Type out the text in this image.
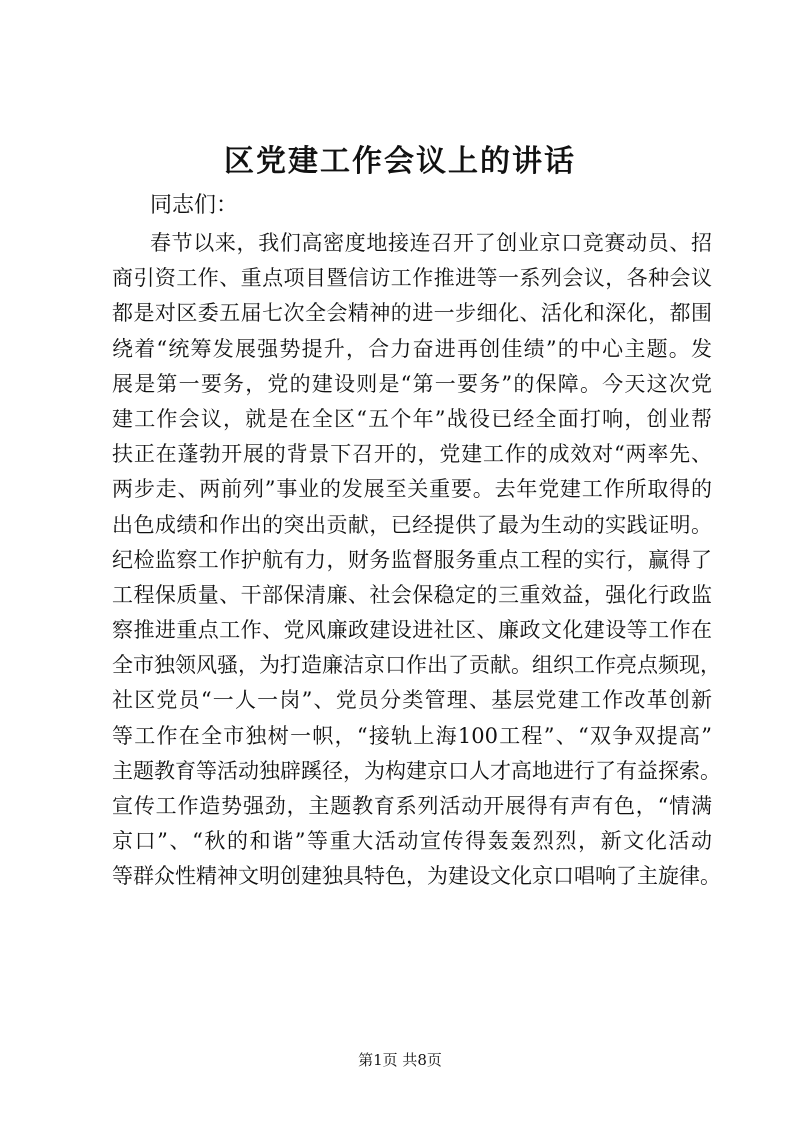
区党建工作会议上的讲话

同志们：

春节以来，我们高密度地接连召开了创业京口竞赛动员、招
商引资工作、重点项目暨信访工作推进等一系列会议，各种会议
都是对区委五届七次全会精神的进一步细化、活化和深化，都围
绕着“统筹发展强势提升，合力奋进再创佳绩”的中心主题。发
展是第一要务，党的建设则是“第一要务”的保障。今天这次党
建工作会议，就是在全区“五个年”战役已经全面打响，创业帮
扶正在蓬勃开展的背景下召开的，党建工作的成效对“两率先、
两步走、两前列”事业的发展至关重要。去年党建工作所取得的
出色成绩和作出的突出贡献，已经提供了最为生动的实践证明。
纪检监察工作护航有力，财务监督服务重点工程的实行，赢得了
工程保质量、干部保清廉、社会保稳定的三重效益，强化行政监
察推进重点工作、党风廉政建设进社区、廉政文化建设等工作在
全市独领风骚，为打造廉洁京口作出了贡献。组织工作亮点频现，
社区党员“一人一岗”、党员分类管理、基层党建工作改革创新
等工作在全市独树一帜，“接轨上海100工程”、“双争双提高”
主题教育等活动独辟蹊径，为构建京口人才高地进行了有益探索。
宣传工作造势强劲，主题教育系列活动开展得有声有色，“情满
京口”、“秋的和谐”等重大活动宣传得轰轰烈烈，新文化活动
等群众性精神文明创建独具特色，为建设文化京口唱响了主旋律。
第1页 共8页
